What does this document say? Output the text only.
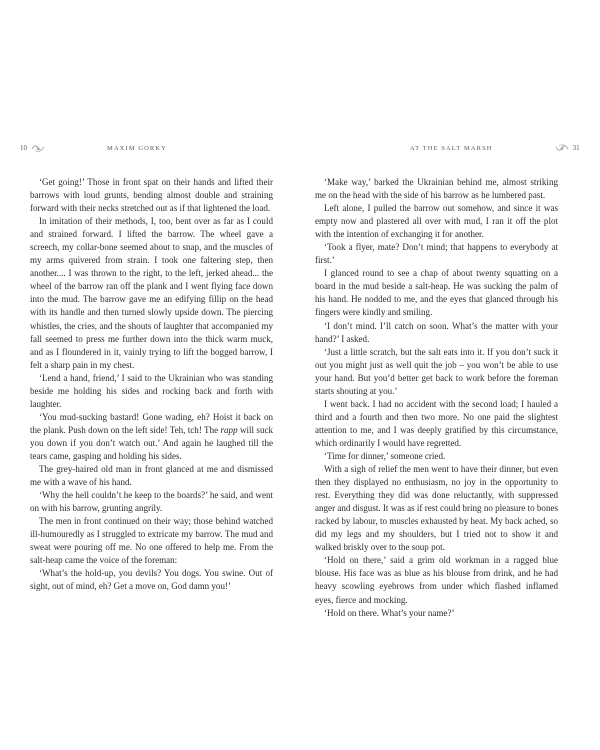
10	MAXIM GORKY

‘Get going!’ Those in front spat on their hands and lifted their barrows with loud grunts, bending almost double and straining forward with their necks stretched out as if that lightened the load.

In imitation of their methods, I, too, bent over as far as I could and strained forward. I lifted the barrow. The wheel gave a screech, my collar-bone seemed about to snap, and the muscles of my arms quivered from strain. I took one faltering step, then another.... I was thrown to the right, to the left, jerked ahead... the wheel of the barrow ran off the plank and I went flying face down into the mud. The barrow gave me an edifying fillip on the head with its handle and then turned slowly upside down. The piercing whistles, the cries, and the shouts of laughter that accompanied my fall seemed to press me further down into the thick warm muck, and as I floundered in it, vainly trying to lift the bogged barrow, I felt a sharp pain in my chest.

‘Lend a hand, friend,’ I said to the Ukrainian who was standing beside me holding his sides and rocking back and forth with laughter.

‘You mud-sucking bastard! Gone wading, eh? Hoist it back on the plank. Push down on the left side! Teh, tch! The rapp will suck you down if you don’t watch out.’ And again he laughed till the tears came, gasping and holding his sides.

The grey-haired old man in front glanced at me and dismissed me with a wave of his hand.

‘Why the hell couldn’t he keep to the boards?’ he said, and went on with his barrow, grunting angrily.

The men in front continued on their way; those behind watched ill-humouredly as I struggled to extricate my barrow. The mud and sweat were pouring off me. No one offered to help me. From the salt-heap came the voice of the foreman:

‘What’s the hold-up, you devils? You dogs. You swine. Out of sight, out of mind, eh? Get a move on, God damn you!’

AT THE SALT MARSH	31

‘Make way,’ barked the Ukrainian behind me, almost striking me on the head with the side of his barrow as he lumbered past.

Left alone, I pulled the barrow out somehow, and since it was empty now and plastered all over with mud, I ran it off the plot with the intention of exchanging it for another.

‘Took a flyer, mate? Don’t mind; that happens to everybody at first.’

I glanced round to see a chap of about twenty squatting on a board in the mud beside a salt-heap. He was sucking the palm of his hand. He nodded to me, and the eyes that glanced through his fingers were kindly and smiling.

‘I don’t mind. I’ll catch on soon. What’s the matter with your hand?’ I asked.

‘Just a little scratch, but the salt eats into it. If you don’t suck it out you might just as well quit the job – you won’t be able to use your hand. But you’d better get back to work before the foreman starts shouting at you.’

I went back. I had no accident with the second load; I hauled a third and a fourth and then two more. No one paid the slightest attention to me, and I was deeply gratified by this circumstance, which ordinarily I would have regretted.

‘Time for dinner,’ someone cried.

With a sigh of relief the men went to have their dinner, but even then they displayed no enthusiasm, no joy in the opportunity to rest. Everything they did was done reluctantly, with suppressed anger and disgust. It was as if rest could bring no pleasure to bones racked by labour, to muscles exhausted by heat. My back ached, so did my legs and my shoulders, but I tried not to show it and walked briskly over to the soup pot.

‘Hold on there,’ said a grim old workman in a ragged blue blouse. His face was as blue as his blouse from drink, and he had heavy scowling eyebrows from under which flashed inflamed eyes, fierce and mocking.

‘Hold on there. What’s your name?’
